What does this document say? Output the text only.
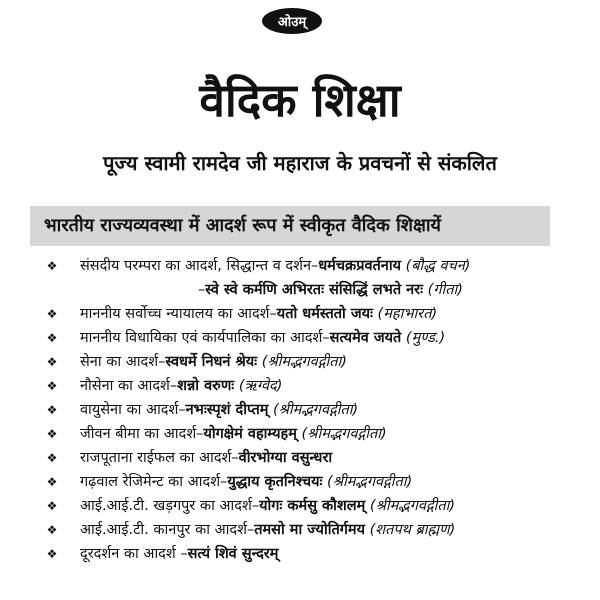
ओउम्
वैदिक शिक्षा
पूज्य स्वामी रामदेव जी महाराज के प्रवचनों से संकलित
भारतीय राज्यव्यवस्था में आदर्श रूप में स्वीकृत वैदिक शिक्षायें
❖ संसदीय परम्परा का आदर्श, सिद्धान्त व दर्शन–धर्मचक्रप्रवर्तनाय (बौद्ध वचन)
–स्वे स्वे कर्मणि अभिरतः संसिद्धिं लभते नरः (गीता)
❖ माननीय सर्वोच्च न्यायालय का आदर्श–यतो धर्मस्ततो जयः (महाभारत)
❖ माननीय विधायिका एवं कार्यपालिका का आदर्श–सत्यमेव जयते (मुण्ड.)
❖ सेना का आदर्श–स्वधर्मे निधनं श्रेयः (श्रीमद्भगवद्गीता)
❖ नौसेना का आदर्श–शन्नो वरुणः (ऋग्वेद)
❖ वायुसेना का आदर्श–नभःस्पृशं दीप्तम् (श्रीमद्भगवद्गीता)
❖ जीवन बीमा का आदर्श–योगक्षेमं वहाम्यहम् (श्रीमद्भगवद्गीता)
❖ राजपूताना राईफल का आदर्श–वीरभोग्या वसुन्धरा
❖ गढ़वाल रेजिमेन्ट का आदर्श–युद्धाय कृतनिश्चयः (श्रीमद्भगवद्गीता)
❖ आई.आई.टी. खड़गपुर का आदर्श–योगः कर्मसु कौशलम् (श्रीमद्भगवद्गीता)
❖ आई.आई.टी. कानपुर का आदर्श–तमसो मा ज्योतिर्गमय (शतपथ ब्राह्मण)
❖ दूरदर्शन का आदर्श –सत्यं शिवं सुन्दरम्
